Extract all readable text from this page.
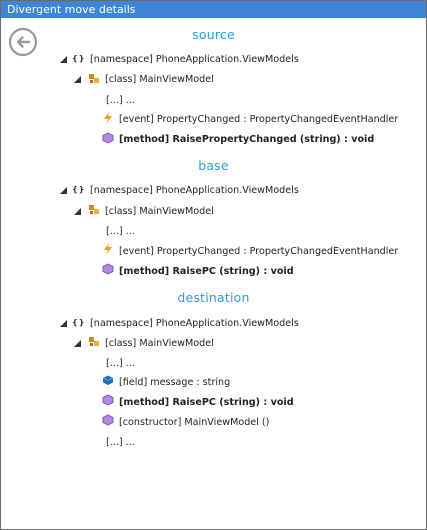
Divergent move details
source
{} [namespace] PhoneApplication.ViewModels
[class] MainViewModel
[...] ...
[event] PropertyChanged : PropertyChangedEventHandler
[method] RaisePropertyChanged (string) : void
base
{} [namespace] PhoneApplication.ViewModels
[class] MainViewModel
[...] ...
[event] PropertyChanged : PropertyChangedEventHandler
[method] RaisePC (string) : void
destination
{} [namespace] PhoneApplication.ViewModels
[class] MainViewModel
[...] ...
[field] message : string
[method] RaisePC (string) : void
[constructor] MainViewModel ()
[...] ...
